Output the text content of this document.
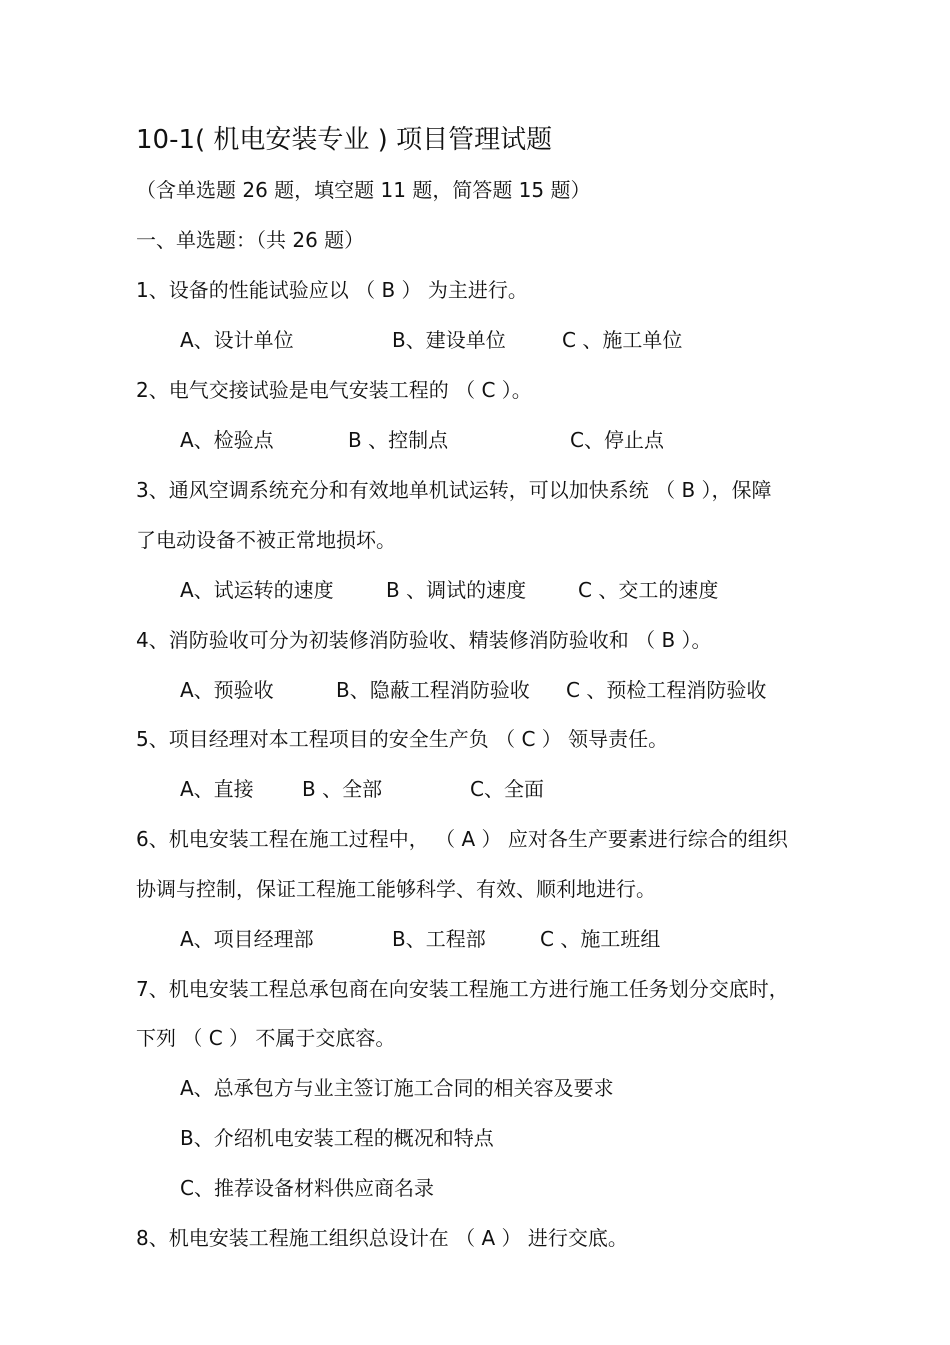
10-1( 机电安装专业 ) 项目管理试题
（含单选题 26 题，填空题 11 题，简答题 15 题）
一、单选题：（共 26 题）
1、设备的性能试验应以 （ B ） 为主进行。
A、设计单位	B、建设单位	C 、施工单位
2、电气交接试验是电气安装工程的 （ C ）。
A、检验点	B 、控制点	C、停止点
3、通风空调系统充分和有效地单机试运转，可以加快系统 （ B ），保障
了电动设备不被正常地损坏。
A、试运转的速度	B 、调试的速度	C 、交工的速度
4、消防验收可分为初装修消防验收、精装修消防验收和 （ B ）。
A、预验收	B、隐蔽工程消防验收 C 、预检工程消防验收
5、项目经理对本工程项目的安全生产负 （ C ） 领导责任。
A、直接 B 、全部	C、全面
6、机电安装工程在施工过程中， （ A ） 应对各生产要素进行综合的组织
协调与控制，保证工程施工能够科学、有效、顺利地进行。
A、项目经理部	B、工程部	C 、施工班组
7、机电安装工程总承包商在向安装工程施工方进行施工任务划分交底时，
下列 （ C ） 不属于交底容。
A、总承包方与业主签订施工合同的相关容及要求
B、介绍机电安装工程的概况和特点
C、推荐设备材料供应商名录
8、机电安装工程施工组织总设计在 （ A ） 进行交底。
